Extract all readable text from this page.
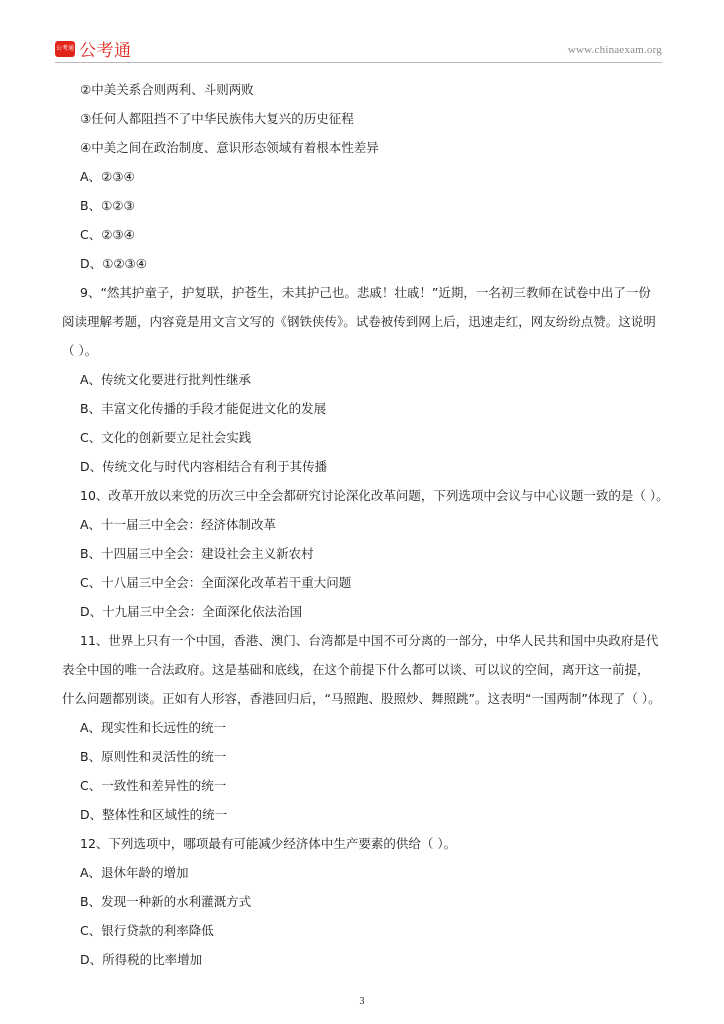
公考通 公考通	www.chinaexam.org
②中美关系合则两利、斗则两败
③任何人都阻挡不了中华民族伟大复兴的历史征程
④中美之间在政治制度、意识形态领域有着根本性差异
A、②③④
B、①②③
C、②③④
D、①②③④
9、“然其护童子，护复联，护苍生，未其护己也。悲戚！壮戚！”近期，一名初三教师在试卷中出了一份
阅读理解考题，内容竟是用文言文写的《钢铁侠传》。试卷被传到网上后，迅速走红，网友纷纷点赞。这说明
（ ）。
A、传统文化要进行批判性继承
B、丰富文化传播的手段才能促进文化的发展
C、文化的创新要立足社会实践
D、传统文化与时代内容相结合有利于其传播
10、改革开放以来党的历次三中全会都研究讨论深化改革问题，下列选项中会议与中心议题一致的是（ ）。
A、十一届三中全会：经济体制改革
B、十四届三中全会：建设社会主义新农村
C、十八届三中全会：全面深化改革若干重大问题
D、十九届三中全会：全面深化依法治国
11、世界上只有一个中国，香港、澳门、台湾都是中国不可分离的一部分，中华人民共和国中央政府是代
表全中国的唯一合法政府。这是基础和底线，在这个前提下什么都可以谈、可以议的空间，离开这一前提，
什么问题都别谈。正如有人形容，香港回归后，“马照跑、股照炒、舞照跳”。这表明“一国两制”体现了（ ）。
A、现实性和长远性的统一
B、原则性和灵活性的统一
C、一致性和差异性的统一
D、整体性和区域性的统一
12、下列选项中，哪项最有可能减少经济体中生产要素的供给（ ）。
A、退休年龄的增加
B、发现一种新的水利灌溉方式
C、银行贷款的利率降低
D、所得税的比率增加
3
